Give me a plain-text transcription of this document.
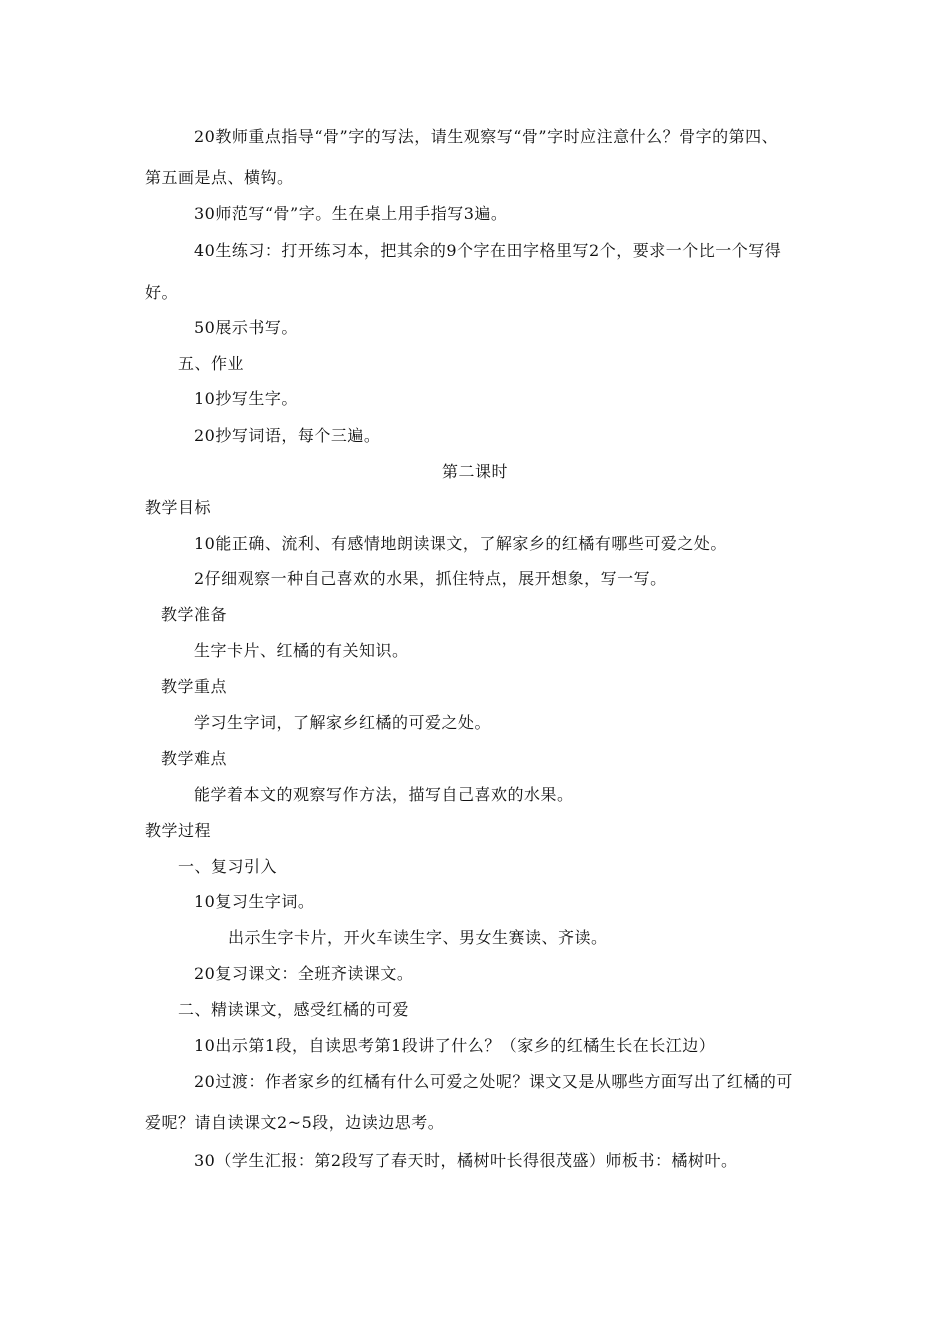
20教师重点指导“骨”字的写法，请生观察写“骨”字时应注意什么？骨字的第四、
第五画是点、横钩。
30师范写“骨”字。生在桌上用手指写3遍。
40生练习：打开练习本，把其余的9个字在田字格里写2个，要求一个比一个写得
好。
50展示书写。
五、作业
10抄写生字。
20抄写词语，每个三遍。
第二课时
教学目标
10能正确、流利、有感情地朗读课文，了解家乡的红橘有哪些可爱之处。
2仔细观察一种自己喜欢的水果，抓住特点，展开想象，写一写。
教学准备
生字卡片、红橘的有关知识。
教学重点
学习生字词，了解家乡红橘的可爱之处。
教学难点
能学着本文的观察写作方法，描写自己喜欢的水果。
教学过程
一、复习引入
10复习生字词。
出示生字卡片，开火车读生字、男女生赛读、齐读。
20复习课文：全班齐读课文。
二、精读课文，感受红橘的可爱
10出示第1段，自读思考第1段讲了什么？（家乡的红橘生长在长江边）
20过渡：作者家乡的红橘有什么可爱之处呢？课文又是从哪些方面写出了红橘的可
爱呢？请自读课文2~5段，边读边思考。
30（学生汇报：第2段写了春天时，橘树叶长得很茂盛）师板书：橘树叶。
